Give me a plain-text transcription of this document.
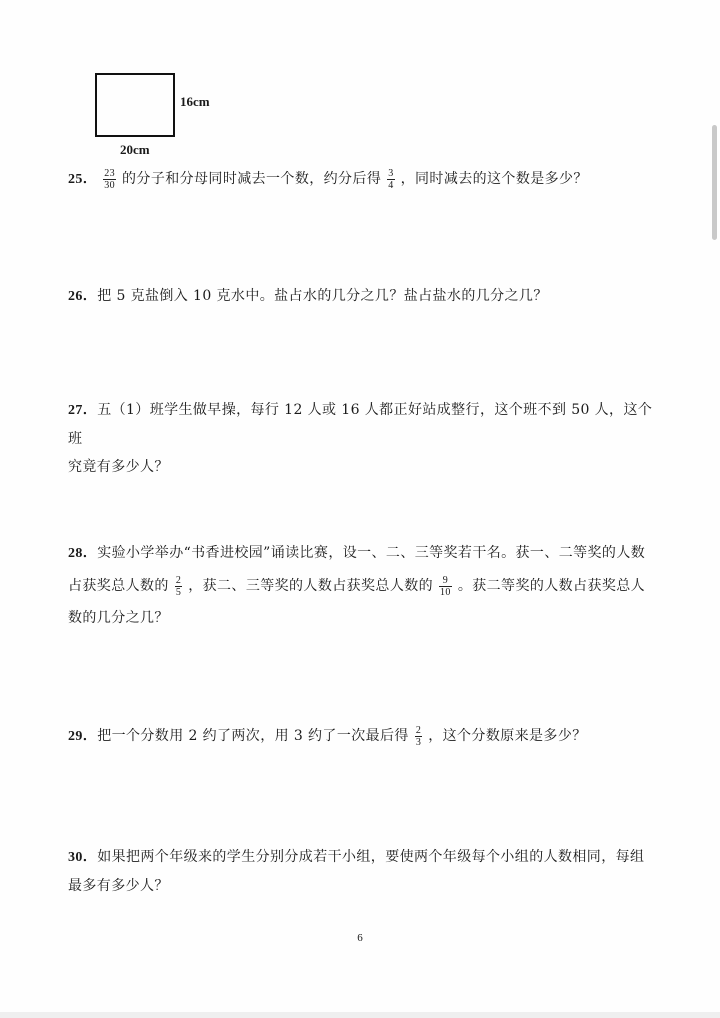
16cm
20cm
25． $\frac{23}{30}$ 的分子和分母同时减去一个数，约分后得 $\frac{3}{4}$ ，同时减去的这个数是多少？
26．把 5 克盐倒入 10 克水中。盐占水的几分之几？盐占盐水的几分之几？
27．五（1）班学生做早操，每行 12 人或 16 人都正好站成整行，这个班不到 50 人，这个班
究竟有多少人？
28．实验小学举办“书香进校园”诵读比赛，设一、二、三等奖若干名。获一、二等奖的人数
占获奖总人数的 $\frac{2}{5}$ ，获二、三等奖的人数占获奖总人数的 $\frac{9}{10}$ 。获二等奖的人数占获奖总人
数的几分之几？
29．把一个分数用 2 约了两次，用 3 约了一次最后得 $\frac{2}{3}$ ，这个分数原来是多少？
30．如果把两个年级来的学生分别分成若干小组，要使两个年级每个小组的人数相同，每组
最多有多少人？
6
